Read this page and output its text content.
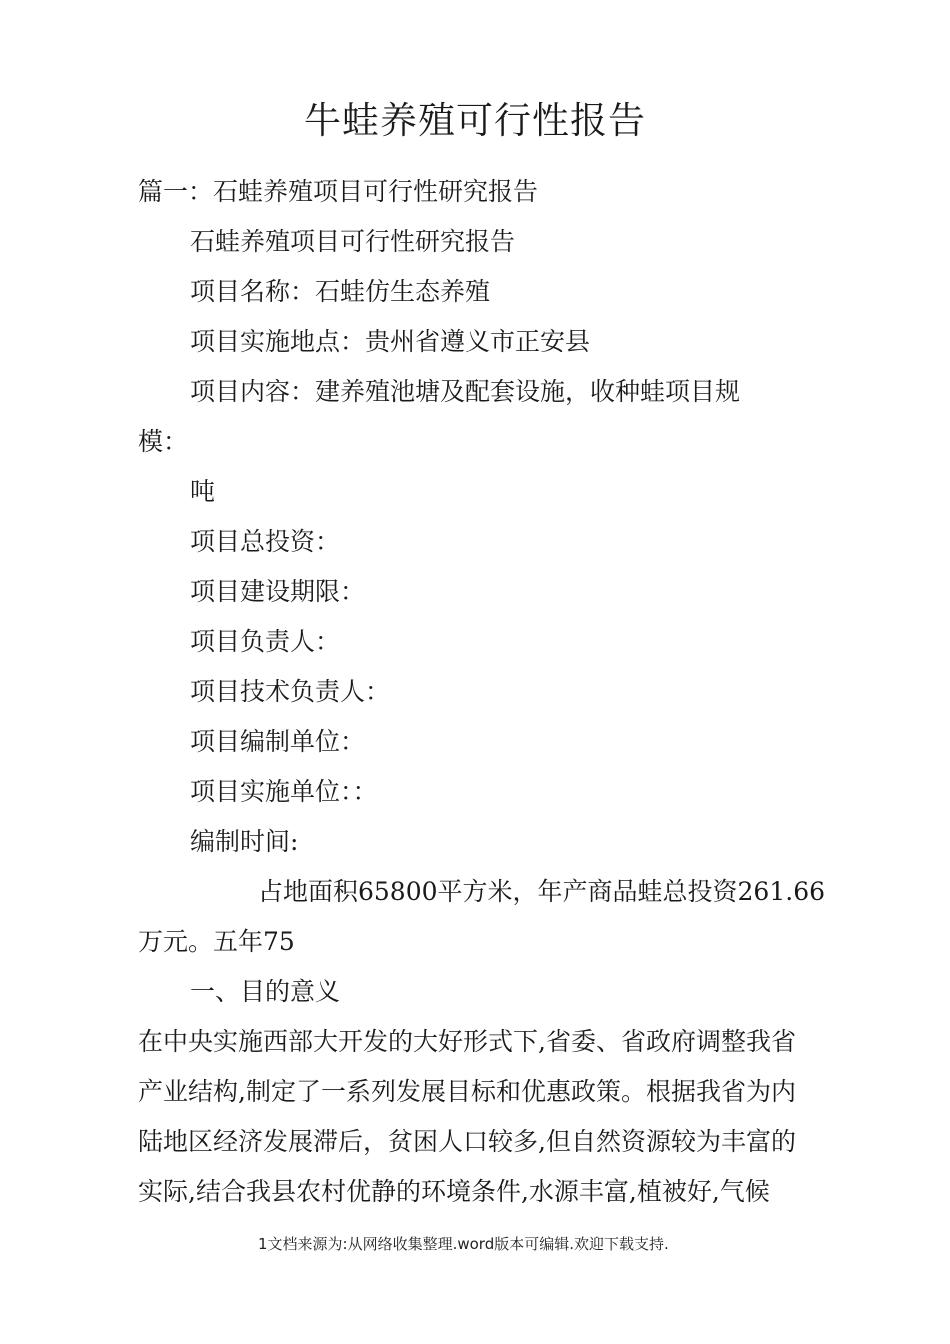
牛蛙养殖可行性报告
篇一：石蛙养殖项目可行性研究报告
石蛙养殖项目可行性研究报告
项目名称：石蛙仿生态养殖
项目实施地点：贵州省遵义市正安县
项目内容：建养殖池塘及配套设施，收种蛙项目规
模：
吨
项目总投资：
项目建设期限：
项目负责人：
项目技术负责人：
项目编制单位：
项目实施单位：：
编制时间:
占地面积65800平方米，年产商品蛙总投资261.66
万元。五年75
一、目的意义
在中央实施西部大开发的大好形式下,省委、省政府调整我省
产业结构,制定了一系列发展目标和优惠政策。根据我省为内
陆地区经济发展滞后，贫困人口较多,但自然资源较为丰富的
实际,结合我县农村优静的环境条件,水源丰富,植被好,气候
1文档来源为:从网络收集整理.word版本可编辑.欢迎下载支持.
